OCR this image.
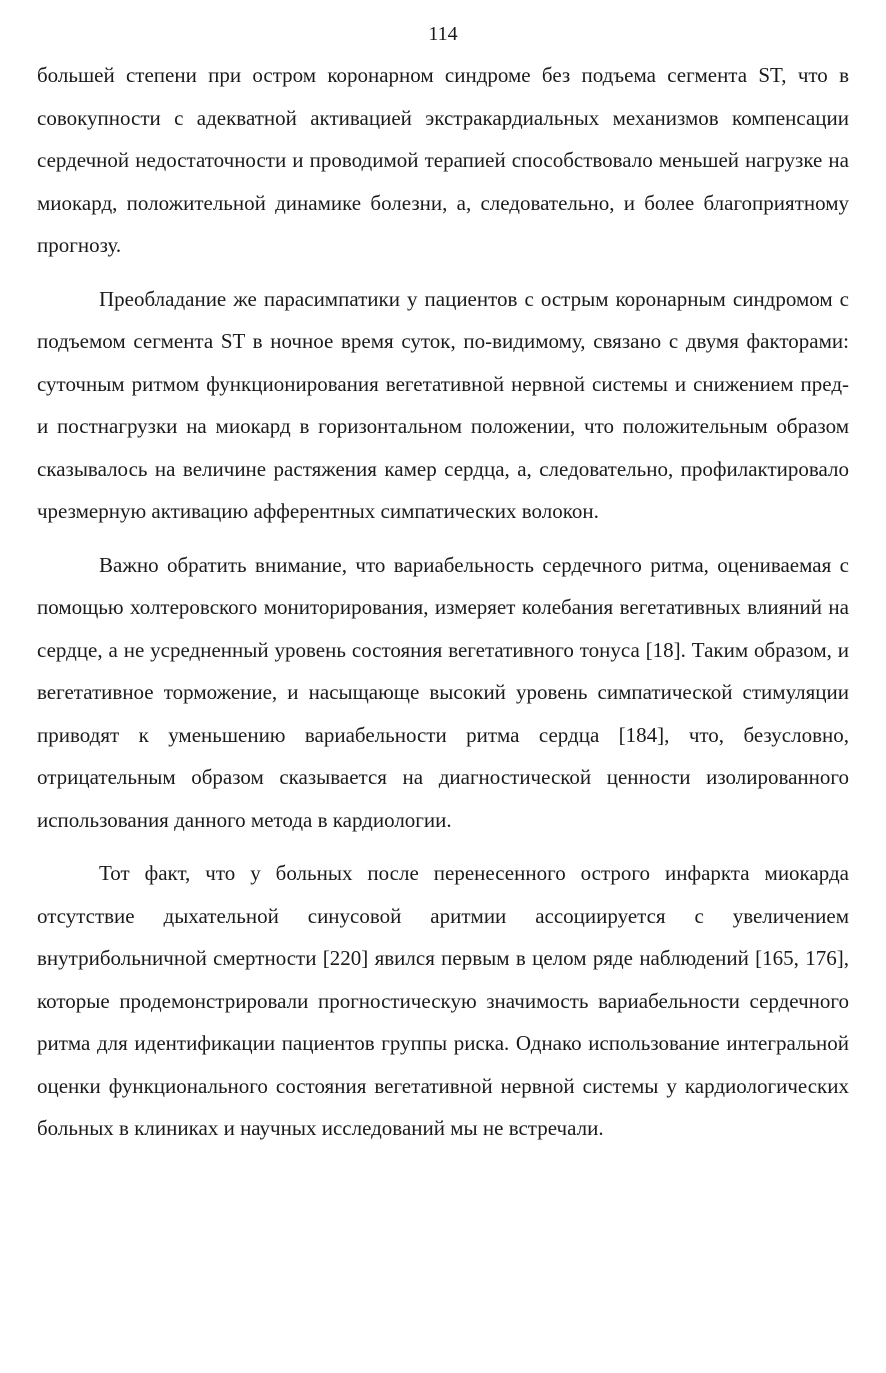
114

большей степени при остром коронарном синдроме без подъема сегмента ST, что в совокупности с адекватной активацией экстракардиальных механизмов компенсации сердечной недостаточности и проводимой терапией способствовало меньшей нагрузке на миокард, положительной динамике болезни, а, следовательно, и более благоприятному прогнозу.

Преобладание же парасимпатики у пациентов с острым коронарным синдромом с подъемом сегмента ST в ночное время суток, по-видимому, связано с двумя факторами: суточным ритмом функционирования вегетативной нервной системы и снижением пред- и постнагрузки на миокард в горизонтальном положении, что положительным образом сказывалось на величине растяжения камер сердца, а, следовательно, профилактировало чрезмерную активацию афферентных симпатических волокон.

Важно обратить внимание, что вариабельность сердечного ритма, оцениваемая с помощью холтеровского мониторирования, измеряет колебания вегетативных влияний на сердце, а не усредненный уровень состояния вегетативного тонуса [18]. Таким образом, и вегетативное торможение, и насыщающе высокий уровень симпатической стимуляции приводят к уменьшению вариабельности ритма сердца [184], что, безусловно, отрицательным образом сказывается на диагностической ценности изолированного использования данного метода в кардиологии.

Тот факт, что у больных после перенесенного острого инфаркта миокарда отсутствие дыхательной синусовой аритмии ассоциируется с увеличением внутрибольничной смертности [220] явился первым в целом ряде наблюдений [165, 176], которые продемонстрировали прогностическую значимость вариабельности сердечного ритма для идентификации пациентов группы риска. Однако использование интегральной оценки функционального состояния вегетативной нервной системы у кардиологических больных в клиниках и научных исследований мы не встречали.
